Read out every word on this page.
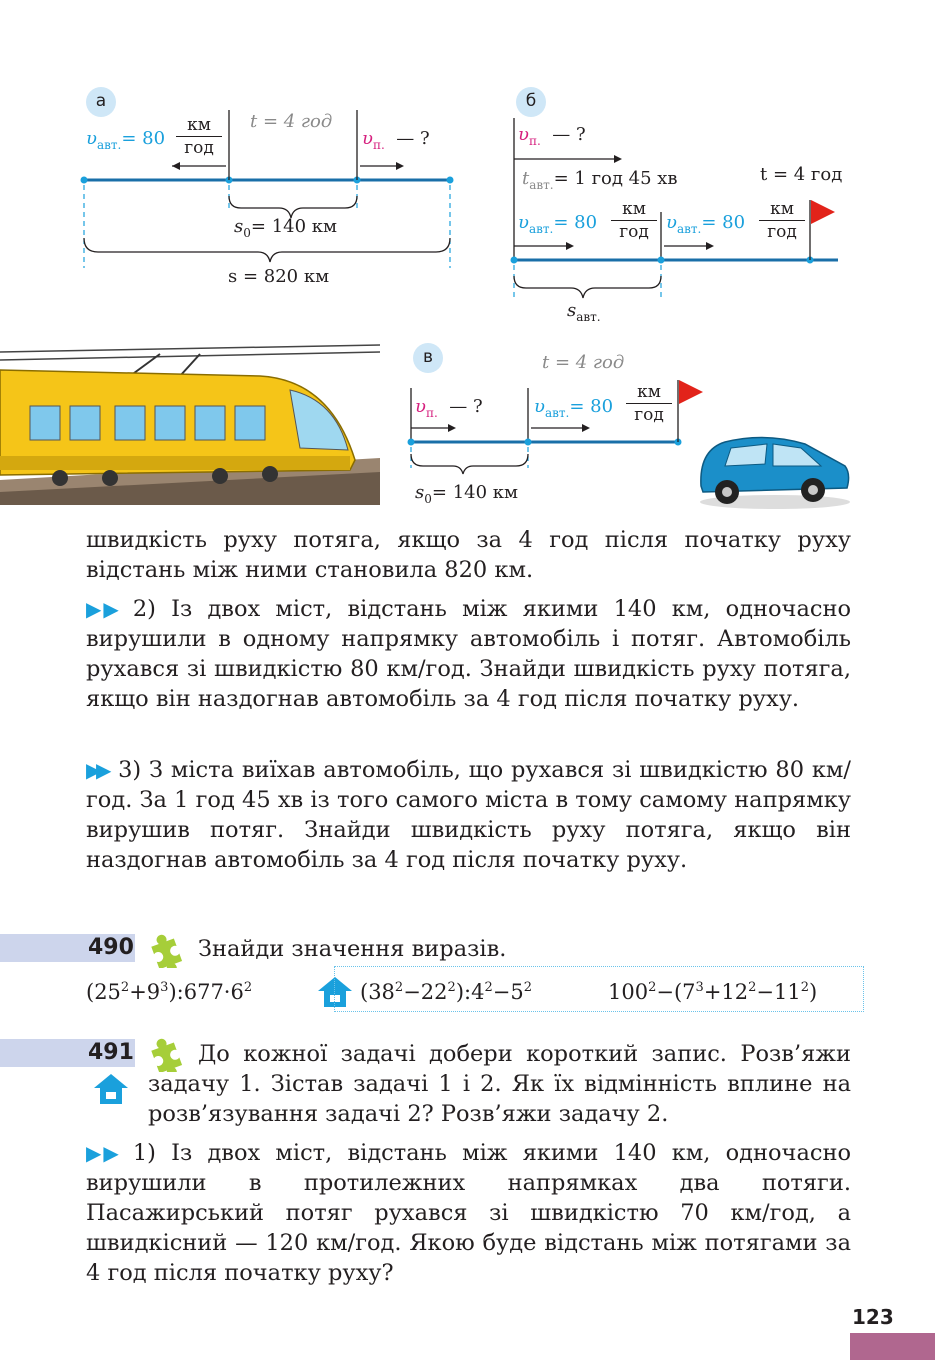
а
$\upsilon_{авт.}= 80$
км
год
t = 4 год
$\upsilon_{п.}$ — ?
$s_0= 140$ км
s = 820 км
б
$\upsilon_{п.}$ — ?
$t_{авт.}= 1$ год 45 хв	t = 4 год
$\upsilon_{авт.}= 80$
км
год $\upsilon_{авт.}= 80$
км
год
$s_{авт.}$
в	t = 4 год
$\upsilon_{п.}$ — ?	$\upsilon_{авт.}= 80$
км
год
$s_0= 140$ км
швидкість руху потяга, якщо за 4 год після початку руху відстань між ними становила 820 км.
▶▶ 2) Із двох міст, відстань між якими 140 км, одночасно вирушили в одному напрямку автомобіль і потяг. Автомобіль рухався зі швидкістю 80 км/год. Знайди швидкість руху потяга, якщо він наздогнав автомобіль за 4 год після початку руху.
▶▶ 3) З міста виїхав автомобіль, що рухався зі швидкістю 80 км/год. За 1 год 45 хв із того самого міста в тому самому напрямку вирушив потяг. Знайди швидкість руху потяга, якщо він наздогнав автомобіль за 4 год після початку руху.
490	Знайди значення виразів.
$(25^2+9^3):677\cdot 6^2$	$(38^2-22^2):4^2-5^2$	$100^2-(7^3+12^2-11^2)$
491	До кожної задачі добери короткий запис. Розв’яжи задачу 1. Зістав задачі 1 і 2. Як їх відмінність вплине на розв’язування задачі 2? Розв’яжи задачу 2.
▶▶ 1) Із двох міст, відстань між якими 140 км, одночасно вирушили в протилежних напрямках два потяги. Пасажирський потяг рухався зі швидкістю 70 км/год, а швидкісний — 120 км/год. Якою буде відстань між потягами за 4 год після початку руху?
123
